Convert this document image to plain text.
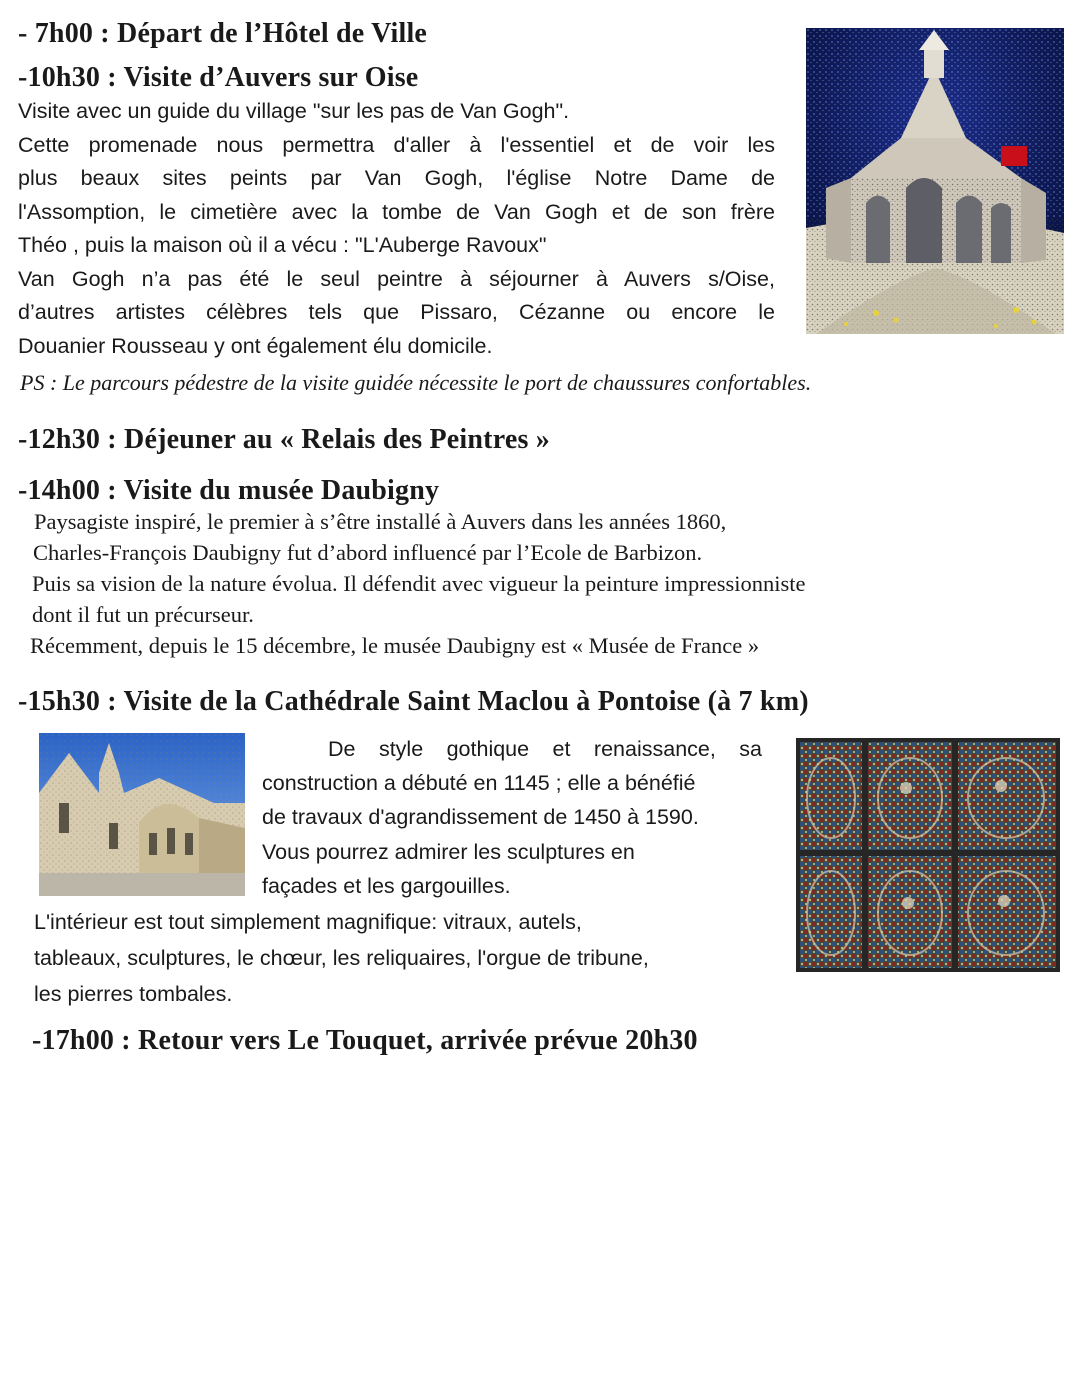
- 7h00 : Départ de l’Hôtel de Ville
-10h30 : Visite d’Auvers sur Oise
Visite avec un guide du village "sur les pas de Van Gogh".
Cette promenade nous permettra d'aller à l'essentiel et de voir les
plus beaux sites peints par Van Gogh, l'église Notre Dame de
l'Assomption, le cimetière avec la tombe de Van Gogh et de son frère
Théo , puis la maison où il a vécu : "L'Auberge Ravoux"
Van Gogh n’a pas été le seul peintre à séjourner à Auvers s/Oise,
d’autres artistes célèbres tels que Pissaro, Cézanne ou encore le
Douanier Rousseau y ont également élu domicile.
PS : Le parcours pédestre de la visite guidée nécessite le port de chaussures confortables.
-12h30 : Déjeuner au « Relais des Peintres »
-14h00 : Visite du musée Daubigny
Paysagiste inspiré, le premier à s’être installé à Auvers dans les années 1860,
Charles-François Daubigny fut d’abord influencé par l’Ecole de Barbizon.
Puis sa vision de la nature évolua. Il défendit avec vigueur la peinture impressionniste
dont il fut un précurseur.
Récemment, depuis le 15 décembre, le musée Daubigny est « Musée de France »
-15h30 : Visite de la Cathédrale Saint Maclou à Pontoise (à 7 km)
De style gothique et renaissance, sa
construction a débuté en 1145 ; elle a bénéfié
de travaux d'agrandissement de 1450 à 1590.
Vous pourrez admirer les sculptures en
façades et les gargouilles.
L'intérieur est tout simplement magnifique: vitraux, autels,
tableaux, sculptures, le chœur, les reliquaires, l'orgue de tribune,
les pierres tombales.
-17h00 : Retour vers Le Touquet, arrivée prévue 20h30
